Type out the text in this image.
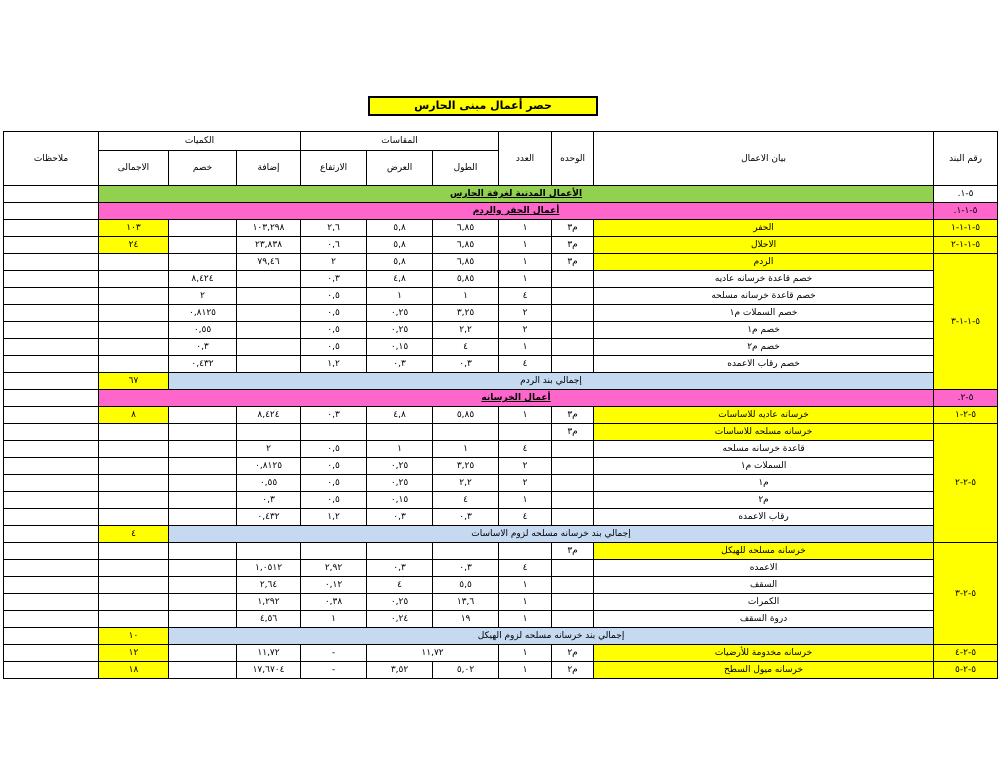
حصر أعمال مبنى الحارس
ملاحظات	الكميات			المقاسات			العدد	الوحده	بيان الاعمال	رقم البند
	الاجمالى	خصم	إضافة	الارتفاع	العرض	الطول				
	الأعمال المدنية لغرفة الحارس									٥-١.
	أعمال الحفر والردم									٥-١-١.
	١٠٣		١٠٣,٢٩٨	٢,٦	٥,٨	٦,٨٥	١	م٣	الحفر	٥-١-١-١
	٢٤		٢٣,٨٣٨	٠,٦	٥,٨	٦,٨٥	١	م٣	الاحلال	٥-١-١-٢
			٧٩,٤٦	٢	٥,٨	٦,٨٥	١	م٣	الردم	٥-١-١-٣
		٨,٤٢٤		٠,٣	٤,٨	٥,٨٥	١		خصم قاعدة خرسانه عاديه	
		٢		٠,٥	١	١	٤		خصم قاعدة خرسانه مسلحه	
		٠,٨١٢٥		٠,٥	٠,٢٥	٣,٢٥	٢		خصم السملات م١	
		٠,٥٥		٠,٥	٠,٢٥	٢,٢	٢		خصم م١	
		٠,٣		٠,٥	٠,١٥	٤	١		خصم م٢	
		٠,٤٣٢		١,٢	٠,٣	٠,٣	٤		خصم رقاب الاعمده	
	٦٧	إجمالي بند الردم								
	أعمال الخرسانه									٥-٢.
	٨		٨,٤٢٤	٠,٣	٤,٨	٥,٨٥	١	م٣	خرسانه عاديه للاساسات	٥-٢-١
								م٣	خرسانه مسلحه للاساسات	٥-٢-٢
			٢	٠,٥	١	١	٤		قاعدة خرسانه مسلحه	
			٠,٨١٢٥	٠,٥	٠,٢٥	٣,٢٥	٢		السملات م١	
			٠,٥٥	٠,٥	٠,٢٥	٢,٢	٢		م١	
			٠,٣	٠,٥	٠,١٥	٤	١		م٢	
			٠,٤٣٢	١,٢	٠,٣	٠,٣	٤		رقاب الاعمده	
	٤	إجمالي بند خرسانه مسلحه لزوم الاساسات								
								م٣	خرسانه مسلحه للهيكل	٥-٢-٣
			١,٠٥١٢	٢,٩٢	٠,٣	٠,٣	٤		الاعمده	
			٢,٦٤	٠,١٢	٤	٥,٥	١		السقف	
			١,٢٩٢	٠,٣٨	٠,٢٥	١٣,٦	١		الكمرات	
			٤,٥٦	١	٠,٢٤	١٩	١		دروة السقف	
	١٠	إجمالي بند خرسانه مسلحه لزوم الهيكل								
	١٢		١١,٧٢	-	١١,٧٢		١	م٢	خرسانه مخدومة للأرضيات	٥-٢-٤
	١٨		١٧,٦٧٠٤	-	٣,٥٢	٥,٠٢	١	م٢	خرسانه ميول السطح	٥-٢-٥
